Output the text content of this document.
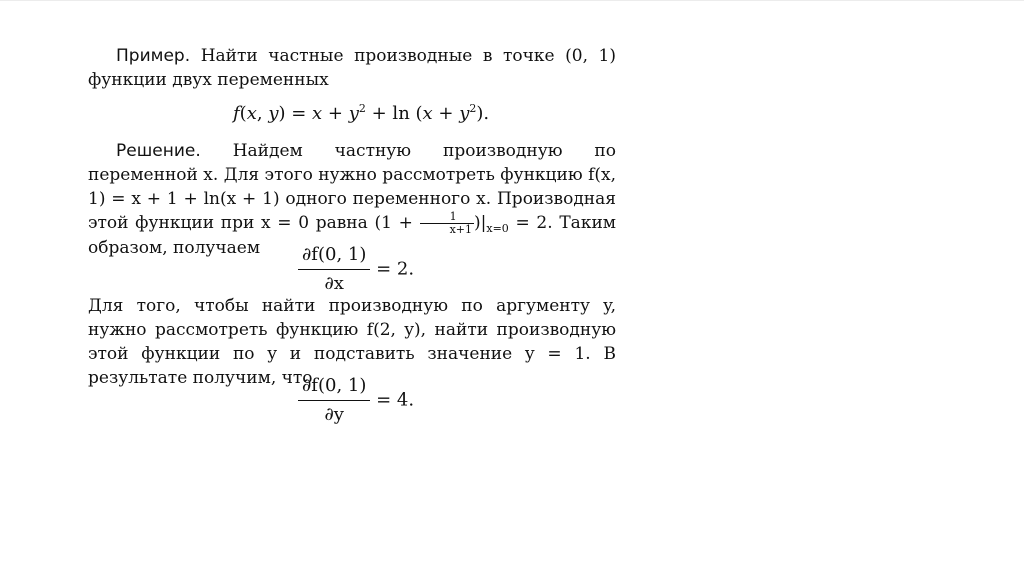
Пример. Найти частные производные в точке (0, 1) функции двух переменных
f(x, $y) = x + y^2 + \ln (x + y^2)$.
Решение. Найдем частную производную по переменной x. Для этого нужно рассмотреть функцию f(x, 1) = x + 1 + ln(x + 1) одного переменного x. Производная этой функции при x = 0 равна $(1 + \frac{1}{x+1} )|_{x=0} = 2$. Таким образом, получаем	$\frac{\partial f(0, 1)}{\partial x} = 2$.
Для того, чтобы найти производную по аргументу y, нужно рассмотреть функцию f(2, y), найти производную этой функции по y и подставить значение y = 1. В результате получим, что
$\frac{\partial f(0, 1)}{\partial y} = 4$.
